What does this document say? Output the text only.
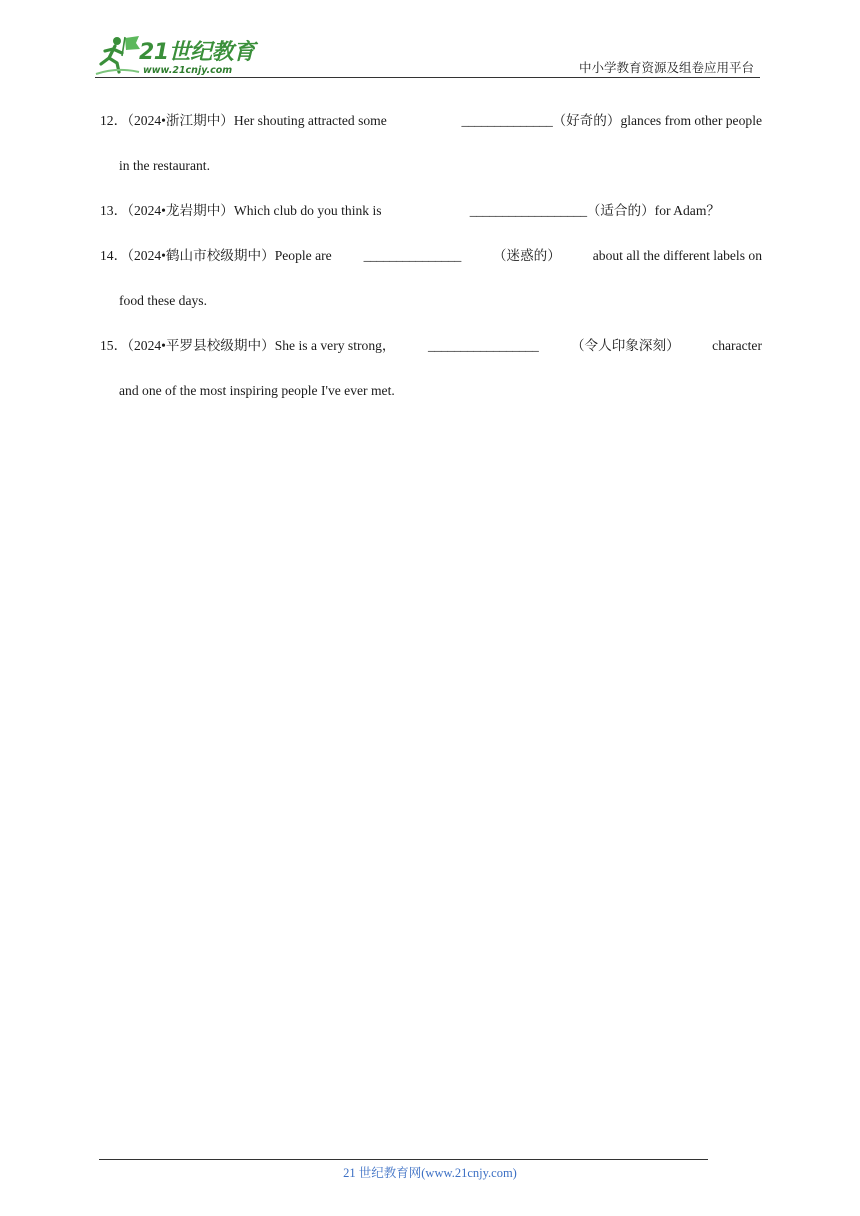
21世纪教育
www.21cnjy.com	中小学教育资源及组卷应用平台
12．（2024•浙江期中）Her shouting attracted some	______________（好奇的）glances from other people
in the restaurant.
13．（2024•龙岩期中）Which club do you think is	__________________（适合的）for Adam？
14．（2024•鹤山市校级期中）People are _______________ （迷惑的） about all the different labels on
food these days.
15．（2024•平罗县校级期中）She is a very strong， _________________ （令人印象深刻） character
and one of the most inspiring people I've ever met.
21 世纪教育网(www.21cnjy.com)
